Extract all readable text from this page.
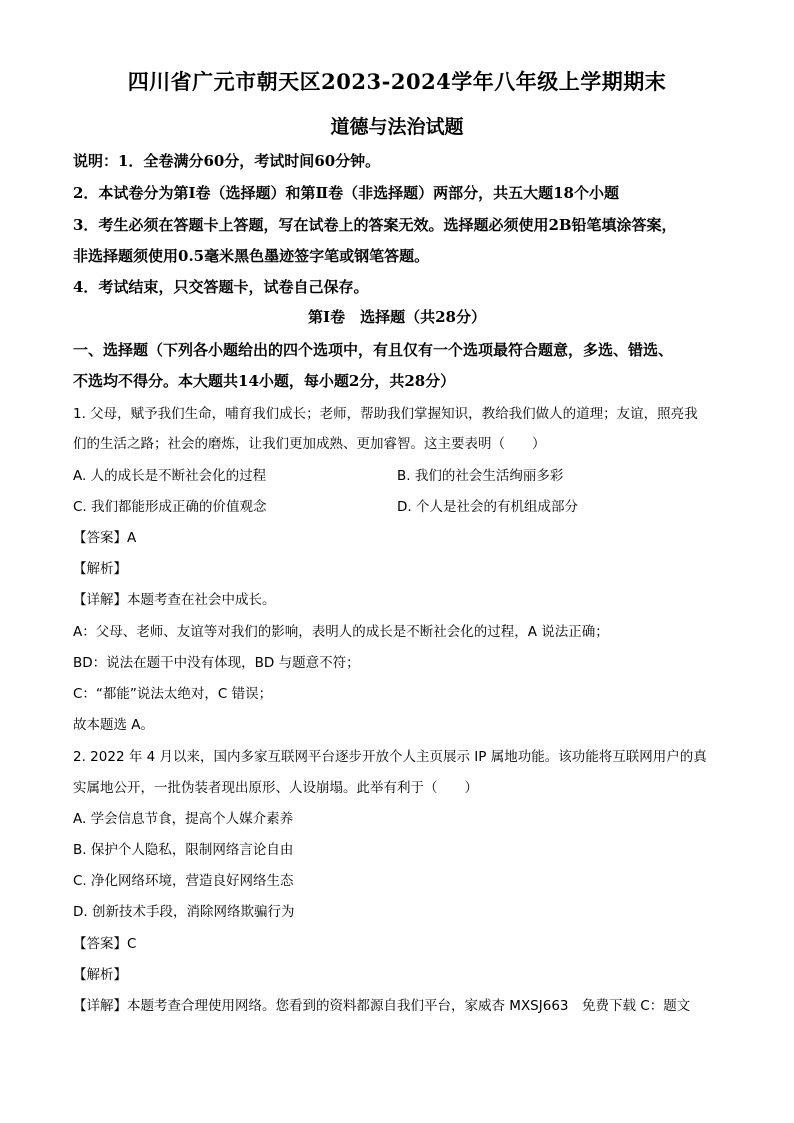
四川省广元市朝天区2023-2024学年八年级上学期期末
道德与法治试题
说明：1．全卷满分60分，考试时间60分钟。
2．本试卷分为第Ⅰ卷（选择题）和第Ⅱ卷（非选择题）两部分，共五大题18个小题
3．考生必须在答题卡上答题，写在试卷上的答案无效。选择题必须使用2B铅笔填涂答案，
非选择题须使用0.5毫米黑色墨迹签字笔或钢笔答题。
4．考试结束，只交答题卡，试卷自己保存。
第Ⅰ卷　选择题（共28分）
一、选择题（下列各小题给出的四个选项中，有且仅有一个选项最符合题意，多选、错选、
不选均不得分。本大题共14小题，每小题2分，共28分）
1. 父母，赋予我们生命，哺育我们成长；老师，帮助我们掌握知识，教给我们做人的道理；友谊，照亮我
们的生活之路；社会的磨炼，让我们更加成熟、更加睿智。这主要表明（　　）
A. 人的成长是不断社会化的过程	B. 我们的社会生活绚丽多彩
C. 我们都能形成正确的价值观念	D. 个人是社会的有机组成部分
【答案】A
【解析】
【详解】本题考查在社会中成长。
A：父母、老师、友谊等对我们的影响，表明人的成长是不断社会化的过程，A 说法正确；
BD：说法在题干中没有体现，BD 与题意不符；
C：“都能”说法太绝对，C 错误；
故本题选 A。
2. 2022 年 4 月以来，国内多家互联网平台逐步开放个人主页展示 IP 属地功能。该功能将互联网用户的真
实属地公开，一批伪装者现出原形、人设崩塌。此举有利于（　　）
A. 学会信息节食，提高个人媒介素养
B. 保护个人隐私，限制网络言论自由
C. 净化网络环境，营造良好网络生态
D. 创新技术手段，消除网络欺骗行为
【答案】C
【解析】
【详解】本题考查合理使用网络。您看到的资料都源自我们平台，家威杏 MXSJ663　免费下载 C：题文
